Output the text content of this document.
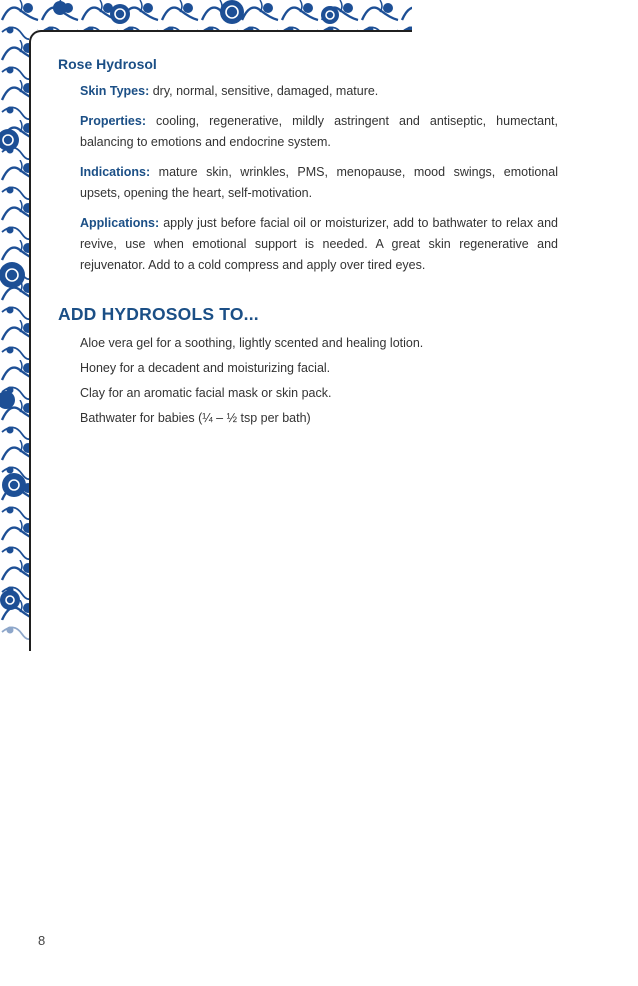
Rose Hydrosol

Skin Types: dry, normal, sensitive, damaged, mature.

Properties: cooling, regenerative, mildly astringent and antiseptic, humectant, balancing to emotions and endocrine system.

Indications: mature skin, wrinkles, PMS, menopause, mood swings, emotional upsets, opening the heart, self-motivation.

Applications: apply just before facial oil or moisturizer, add to bathwater to relax and revive, use when emotional support is needed. A great skin regenerative and rejuvenator. Add to a cold compress and apply over tired eyes.

ADD HYDROSOLS TO...
Aloe vera gel for a soothing, lightly scented and healing lotion.
Honey for a decadent and moisturizing facial.
Clay for an aromatic facial mask or skin pack.
Bathwater for babies (¼ – ½ tsp per bath)
8
